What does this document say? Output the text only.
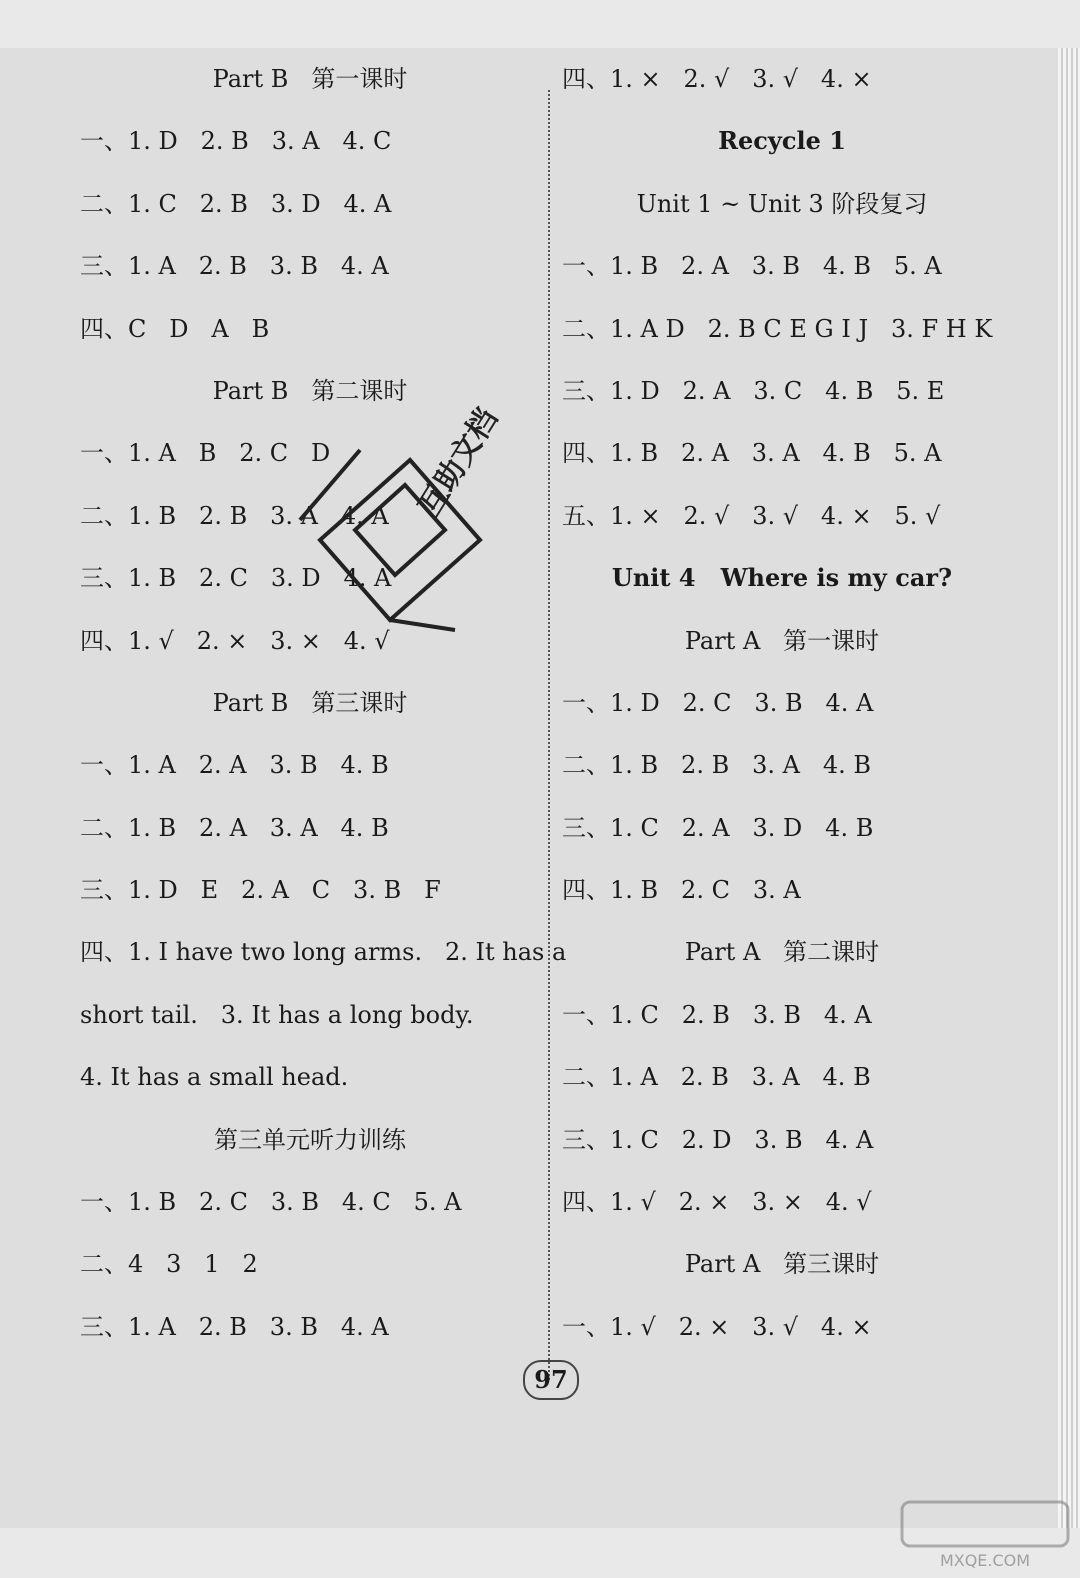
Part B   第一课时
一、1. D   2. B   3. A   4. C
二、1. C   2. B   3. D   4. A
三、1. A   2. B   3. B   4. A
四、C   D   A   B
Part B   第二课时
一、1. A   B   2. C   D
二、1. B   2. B   3. A   4. A
三、1. B   2. C   3. D   4. A
四、1. √   2. ×   3. ×   4. √
Part B   第三课时
一、1. A   2. A   3. B   4. B
二、1. B   2. A   3. A   4. B
三、1. D   E   2. A   C   3. B   F
四、1. I have two long arms.   2. It has a
short tail.   3. It has a long body.
4. It has a small head.
第三单元听力训练
一、1. B   2. C   3. B   4. C   5. A
二、4   3   1   2
三、1. A   2. B   3. B   4. A
四、1. ×   2. √   3. √   4. ×
Recycle 1
Unit 1 ~ Unit 3 阶段复习
一、1. B   2. A   3. B   4. B   5. A
二、1. A D   2. B C E G I J   3. F H K
三、1. D   2. A   3. C   4. B   5. E
四、1. B   2. A   3. A   4. B   5. A
五、1. ×   2. √   3. √   4. ×   5. √
Unit 4   Where is my car?
Part A   第一课时
一、1. D   2. C   3. B   4. A
二、1. B   2. B   3. A   4. B
三、1. C   2. A   3. D   4. B
四、1. B   2. C   3. A
Part A   第二课时
一、1. C   2. B   3. B   4. A
二、1. A   2. B   3. A   4. B
三、1. C   2. D   3. B   4. A
四、1. √   2. ×   3. ×   4. √
Part A   第三课时
一、1. √   2. ×   3. √   4. ×
互助文档
97
MXQE.COM
